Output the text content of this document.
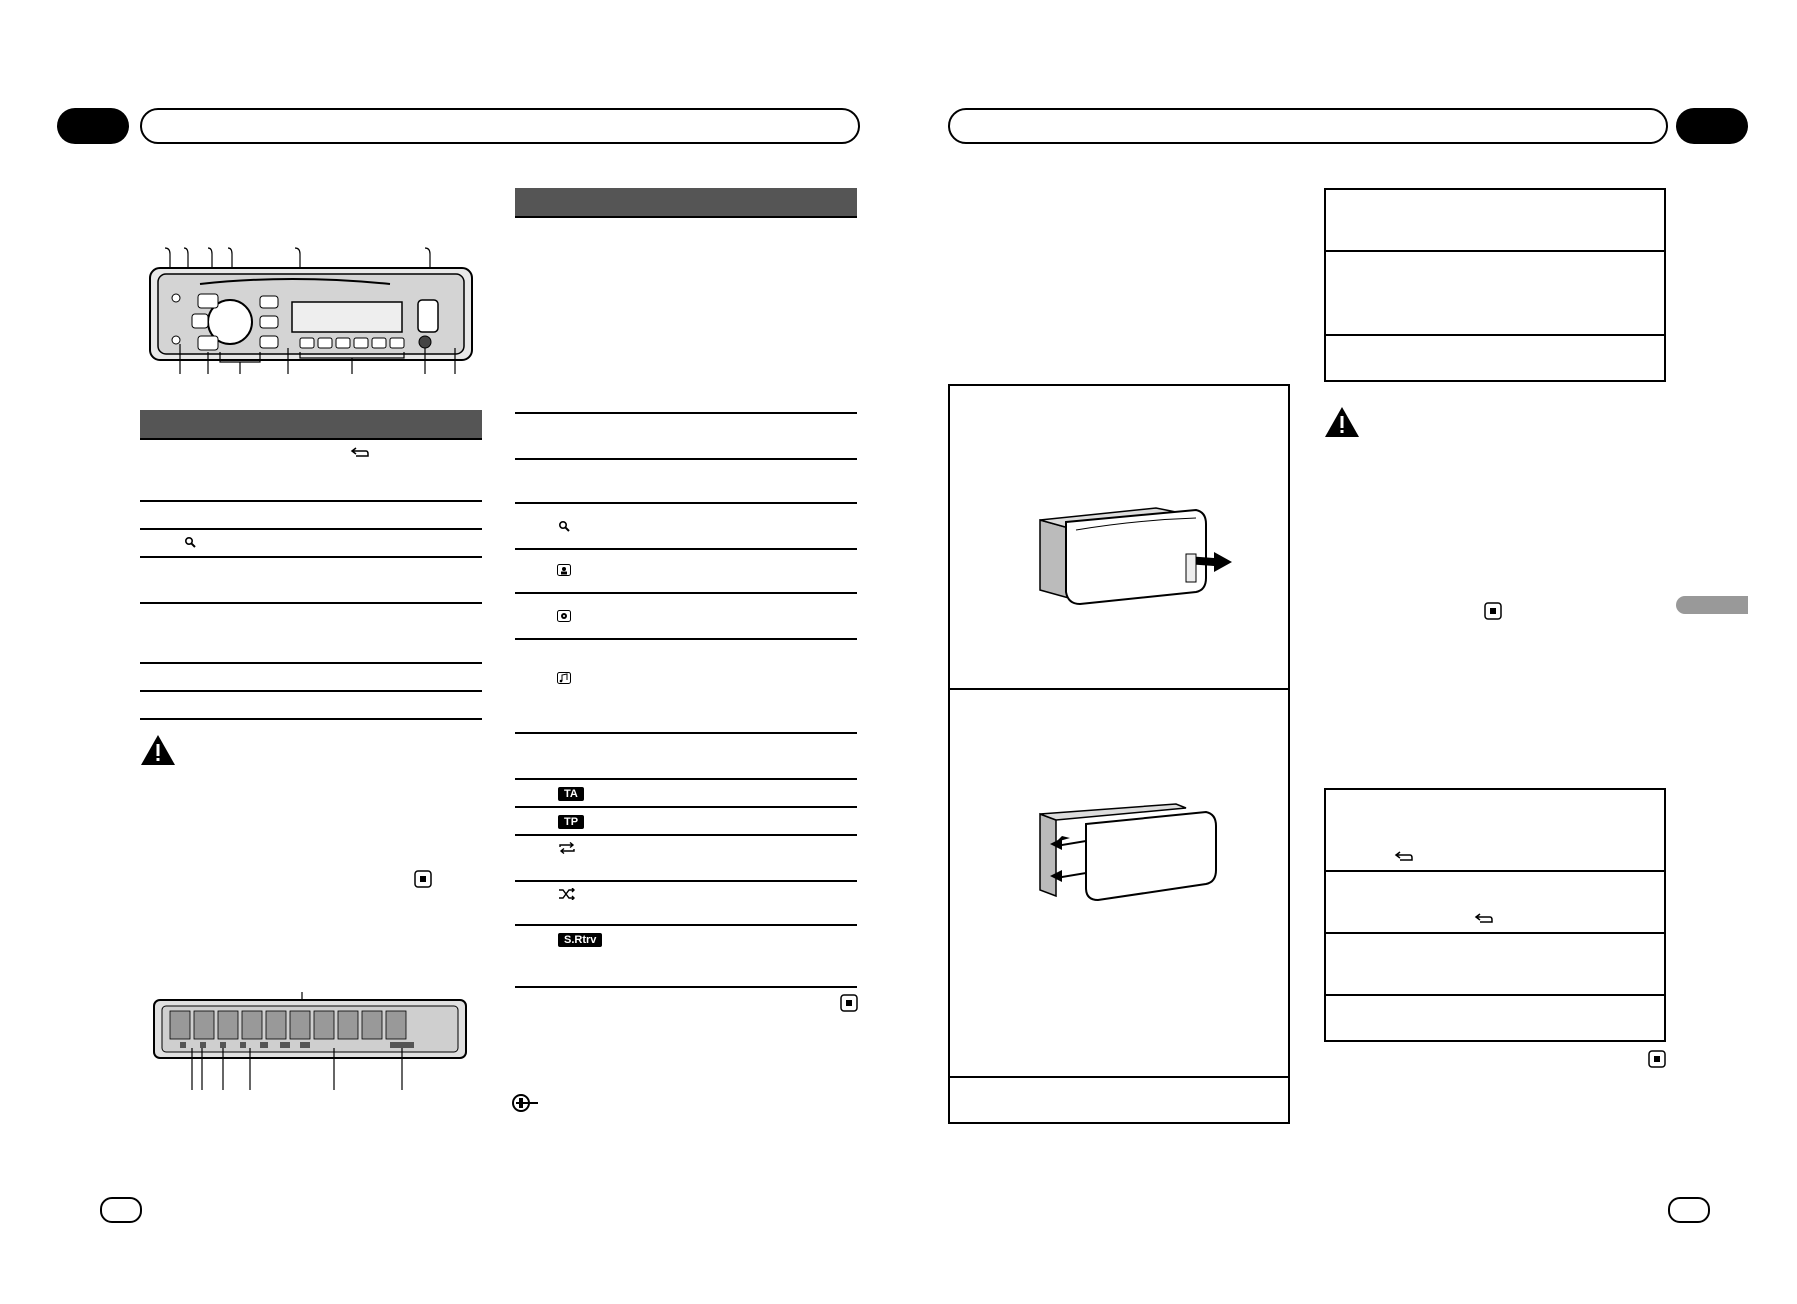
TA
TP
S.Rtrv
